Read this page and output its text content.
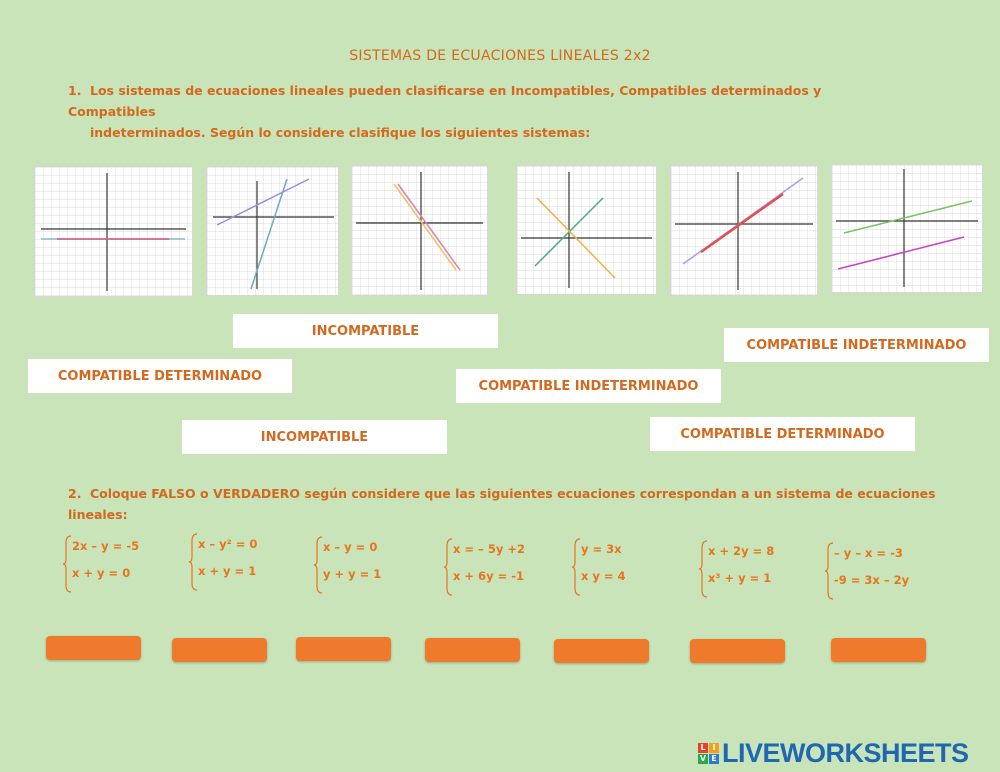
SISTEMAS DE ECUACIONES LINEALES 2x2
1. Los sistemas de ecuaciones lineales pueden clasificarse en Incompatibles, Compatibles determinados y Compatibles
indeterminados. Según lo considere clasifique los siguientes sistemas:
INCOMPATIBLE
COMPATIBLE INDETERMINADO
COMPATIBLE DETERMINADO
COMPATIBLE INDETERMINADO
INCOMPATIBLE	COMPATIBLE DETERMINADO
2. Coloque FALSO o VERDADERO según considere que las siguientes ecuaciones correspondan a un sistema de ecuaciones lineales:
2x – y = -5
x + y = 0
x – y² = 0
x + y = 1
x – y = 0
y + y = 1
x = – 5y +2
x + 6y = -1
y = 3x
x y = 4
x + 2y = 8
x³ + y = 1
– y – x = -3
-9 = 3x – 2y
L I
V E LIVEWORKSHEETS
